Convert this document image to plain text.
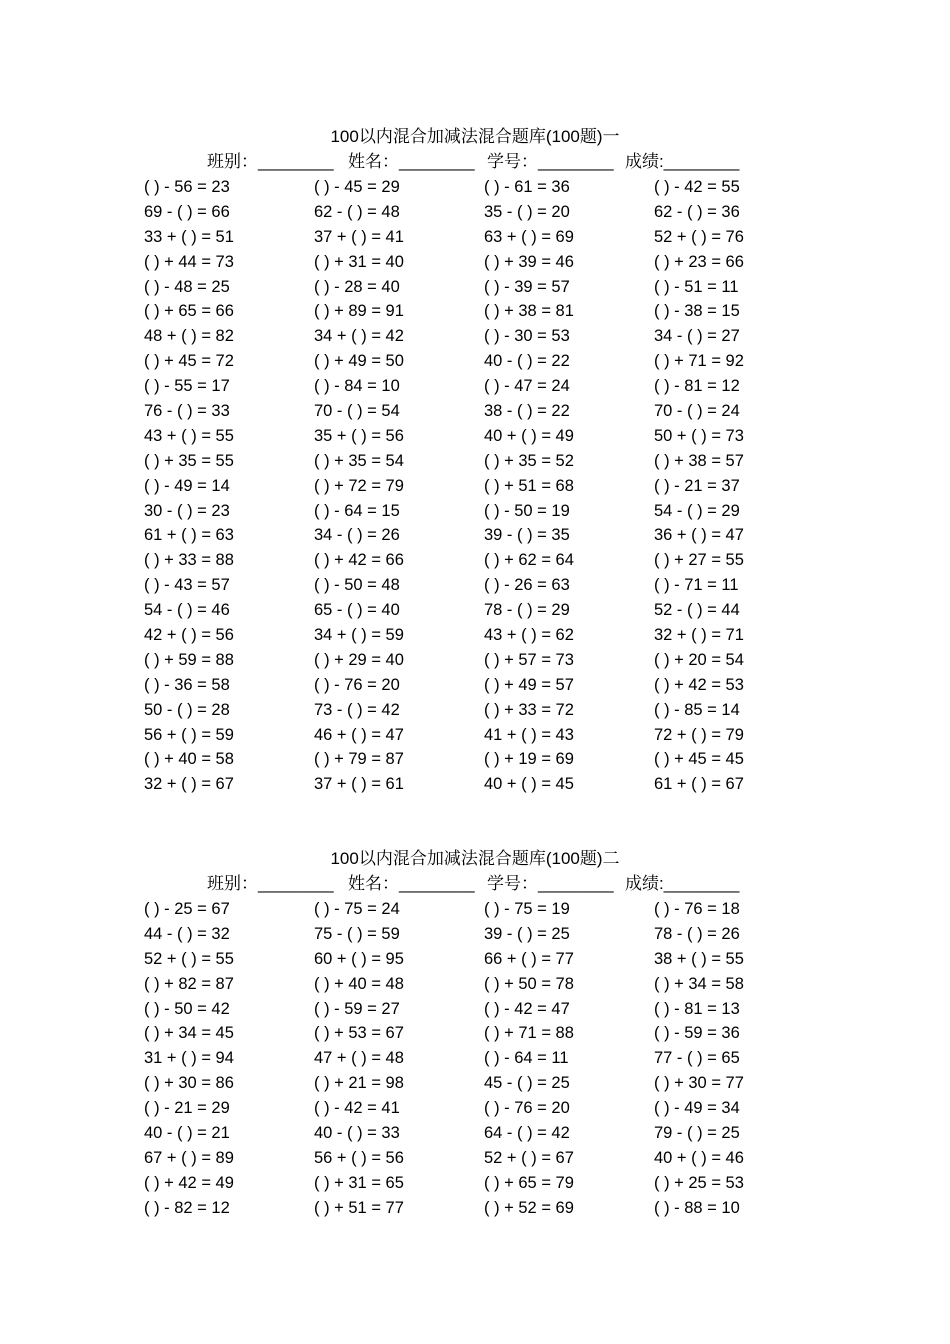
100以内混合加减法混合题库(100题)一
班别：________ 姓名：________ 学号：________ 成绩:________
( ) - 56 = 23	( ) - 45 = 29	( ) - 61 = 36	( ) - 42 = 55
69 - ( ) = 66	62 - ( ) = 48	35 - ( ) = 20	62 - ( ) = 36
33 + ( ) = 51	37 + ( ) = 41	63 + ( ) = 69	52 + ( ) = 76
( ) + 44 = 73	( ) + 31 = 40	( ) + 39 = 46	( ) + 23 = 66
( ) - 48 = 25	( ) - 28 = 40	( ) - 39 = 57	( ) - 51 = 11
( ) + 65 = 66	( ) + 89 = 91	( ) + 38 = 81	( ) - 38 = 15
48 + ( ) = 82	34 + ( ) = 42	( ) - 30 = 53	34 - ( ) = 27
( ) + 45 = 72	( ) + 49 = 50	40 - ( ) = 22	( ) + 71 = 92
( ) - 55 = 17	( ) - 84 = 10	( ) - 47 = 24	( ) - 81 = 12
76 - ( ) = 33	70 - ( ) = 54	38 - ( ) = 22	70 - ( ) = 24
43 + ( ) = 55	35 + ( ) = 56	40 + ( ) = 49	50 + ( ) = 73
( ) + 35 = 55	( ) + 35 = 54	( ) + 35 = 52	( ) + 38 = 57
( ) - 49 = 14	( ) + 72 = 79	( ) + 51 = 68	( ) - 21 = 37
30 - ( ) = 23	( ) - 64 = 15	( ) - 50 = 19	54 - ( ) = 29
61 + ( ) = 63	34 - ( ) = 26	39 - ( ) = 35	36 + ( ) = 47
( ) + 33 = 88	( ) + 42 = 66	( ) + 62 = 64	( ) + 27 = 55
( ) - 43 = 57	( ) - 50 = 48	( ) - 26 = 63	( ) - 71 = 11
54 - ( ) = 46	65 - ( ) = 40	78 - ( ) = 29	52 - ( ) = 44
42 + ( ) = 56	34 + ( ) = 59	43 + ( ) = 62	32 + ( ) = 71
( ) + 59 = 88	( ) + 29 = 40	( ) + 57 = 73	( ) + 20 = 54
( ) - 36 = 58	( ) - 76 = 20	( ) + 49 = 57	( ) + 42 = 53
50 - ( ) = 28	73 - ( ) = 42	( ) + 33 = 72	( ) - 85 = 14
56 + ( ) = 59	46 + ( ) = 47	41 + ( ) = 43	72 + ( ) = 79
( ) + 40 = 58	( ) + 79 = 87	( ) + 19 = 69	( ) + 45 = 45
32 + ( ) = 67	37 + ( ) = 61	40 + ( ) = 45	61 + ( ) = 67
100以内混合加减法混合题库(100题)二
班别：________ 姓名：________ 学号：________ 成绩:________
( ) - 25 = 67	( ) - 75 = 24	( ) - 75 = 19	( ) - 76 = 18
44 - ( ) = 32	75 - ( ) = 59	39 - ( ) = 25	78 - ( ) = 26
52 + ( ) = 55	60 + ( ) = 95	66 + ( ) = 77	38 + ( ) = 55
( ) + 82 = 87	( ) + 40 = 48	( ) + 50 = 78	( ) + 34 = 58
( ) - 50 = 42	( ) - 59 = 27	( ) - 42 = 47	( ) - 81 = 13
( ) + 34 = 45	( ) + 53 = 67	( ) + 71 = 88	( ) - 59 = 36
31 + ( ) = 94	47 + ( ) = 48	( ) - 64 = 11	77 - ( ) = 65
( ) + 30 = 86	( ) + 21 = 98	45 - ( ) = 25	( ) + 30 = 77
( ) - 21 = 29	( ) - 42 = 41	( ) - 76 = 20	( ) - 49 = 34
40 - ( ) = 21	40 - ( ) = 33	64 - ( ) = 42	79 - ( ) = 25
67 + ( ) = 89	56 + ( ) = 56	52 + ( ) = 67	40 + ( ) = 46
( ) + 42 = 49	( ) + 31 = 65	( ) + 65 = 79	( ) + 25 = 53
( ) - 82 = 12	( ) + 51 = 77	( ) + 52 = 69	( ) - 88 = 10
